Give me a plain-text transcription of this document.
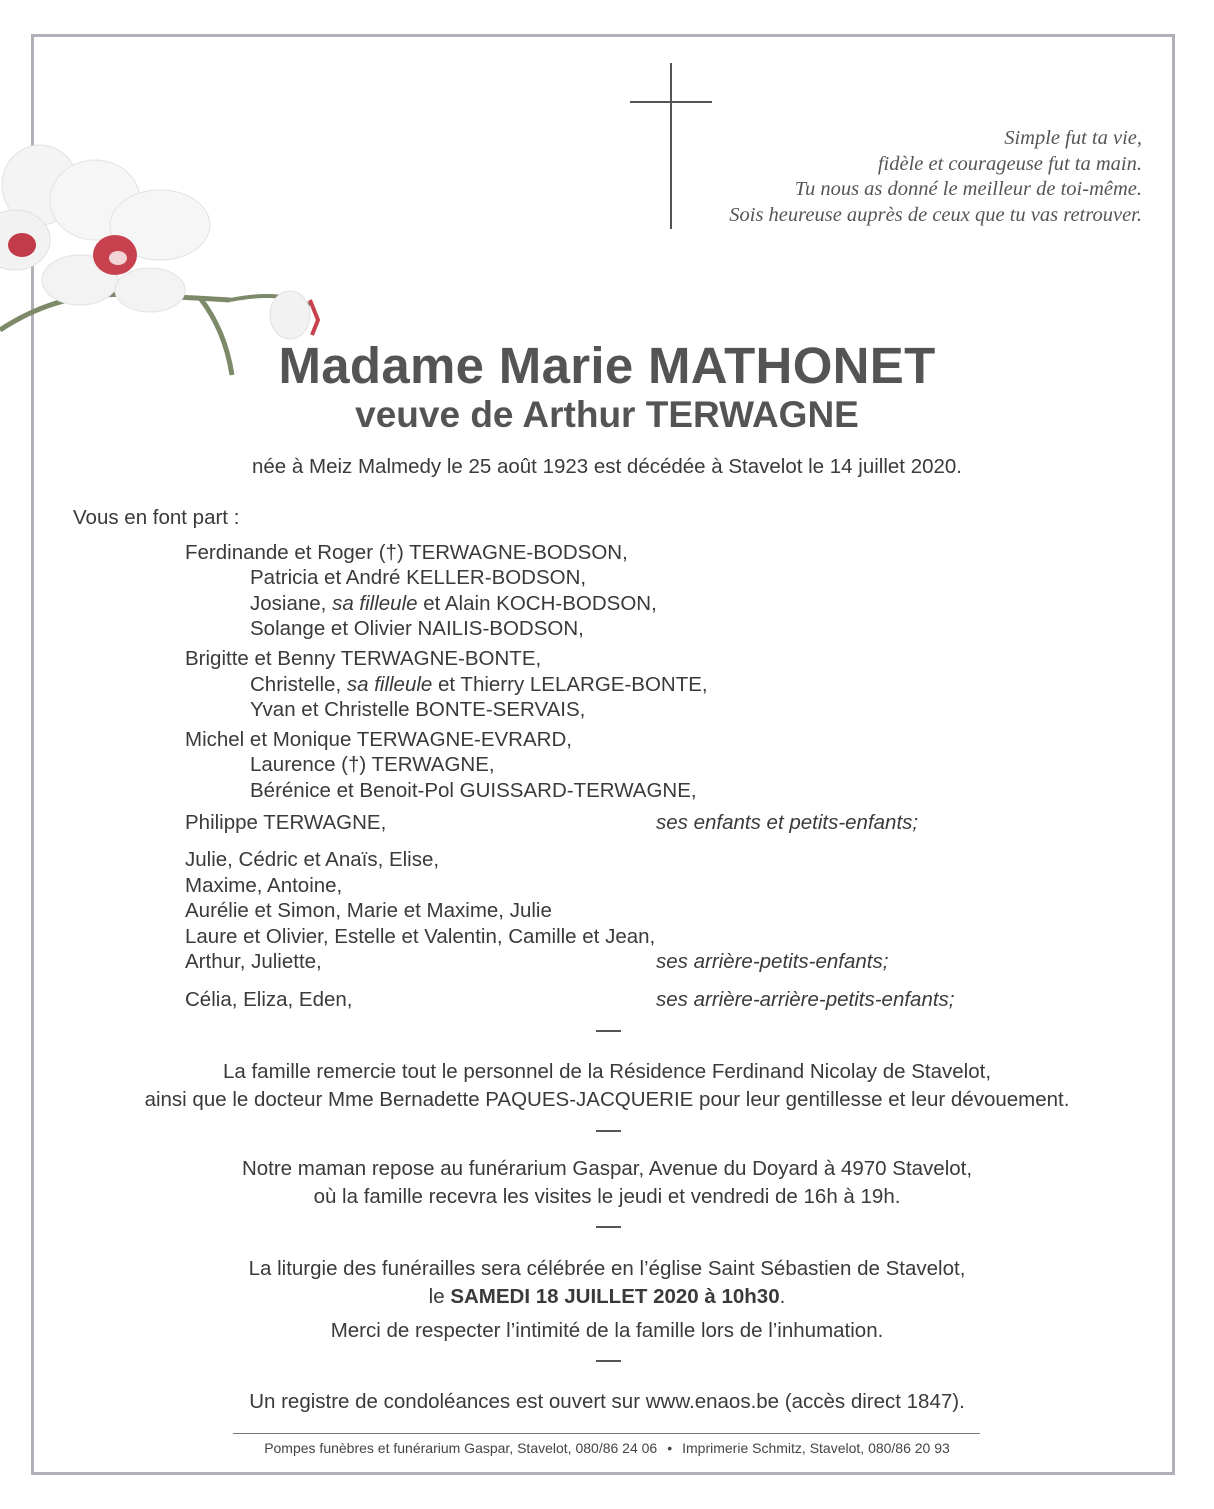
Simple fut ta vie,
fidèle et courageuse fut ta main.
Tu nous as donné le meilleur de toi-même.
Sois heureuse auprès de ceux que tu vas retrouver.
Madame Marie MATHONET
veuve de Arthur TERWAGNE
née à Meiz Malmedy le 25 août 1923 est décédée à Stavelot le 14 juillet 2020.
Vous en font part :
Ferdinande et Roger (†) TERWAGNE-BODSON,
Patricia et André KELLER-BODSON,
Josiane, sa filleule et Alain KOCH-BODSON,
Solange et Olivier NAILIS-BODSON,
Brigitte et Benny TERWAGNE-BONTE,
Christelle, sa filleule et Thierry LELARGE-BONTE,
Yvan et Christelle BONTE-SERVAIS,
Michel et Monique TERWAGNE-EVRARD,
Laurence (†) TERWAGNE,
Bérénice et Benoit-Pol GUISSARD-TERWAGNE,
Philippe TERWAGNE,	ses enfants et petits-enfants;
Julie, Cédric et Anaïs, Elise,
Maxime, Antoine,
Aurélie et Simon, Marie et Maxime, Julie
Laure et Olivier, Estelle et Valentin, Camille et Jean,
Arthur, Juliette,	ses arrière-petits-enfants;
Célia, Eliza, Eden,	ses arrière-arrière-petits-enfants;
La famille remercie tout le personnel de la Résidence Ferdinand Nicolay de Stavelot,
ainsi que le docteur Mme Bernadette PAQUES-JACQUERIE pour leur gentillesse et leur dévouement.
Notre maman repose au funérarium Gaspar, Avenue du Doyard à 4970 Stavelot,
où la famille recevra les visites le jeudi et vendredi de 16h à 19h.
La liturgie des funérailles sera célébrée en l’église Saint Sébastien de Stavelot,
le SAMEDI 18 JUILLET 2020 à 10h30.
Merci de respecter l’intimité de la famille lors de l’inhumation.
Un registre de condoléances est ouvert sur www.enaos.be (accès direct 1847).
Pompes funèbres et funérarium Gaspar, Stavelot, 080/86 24 06 • Imprimerie Schmitz, Stavelot, 080/86 20 93
